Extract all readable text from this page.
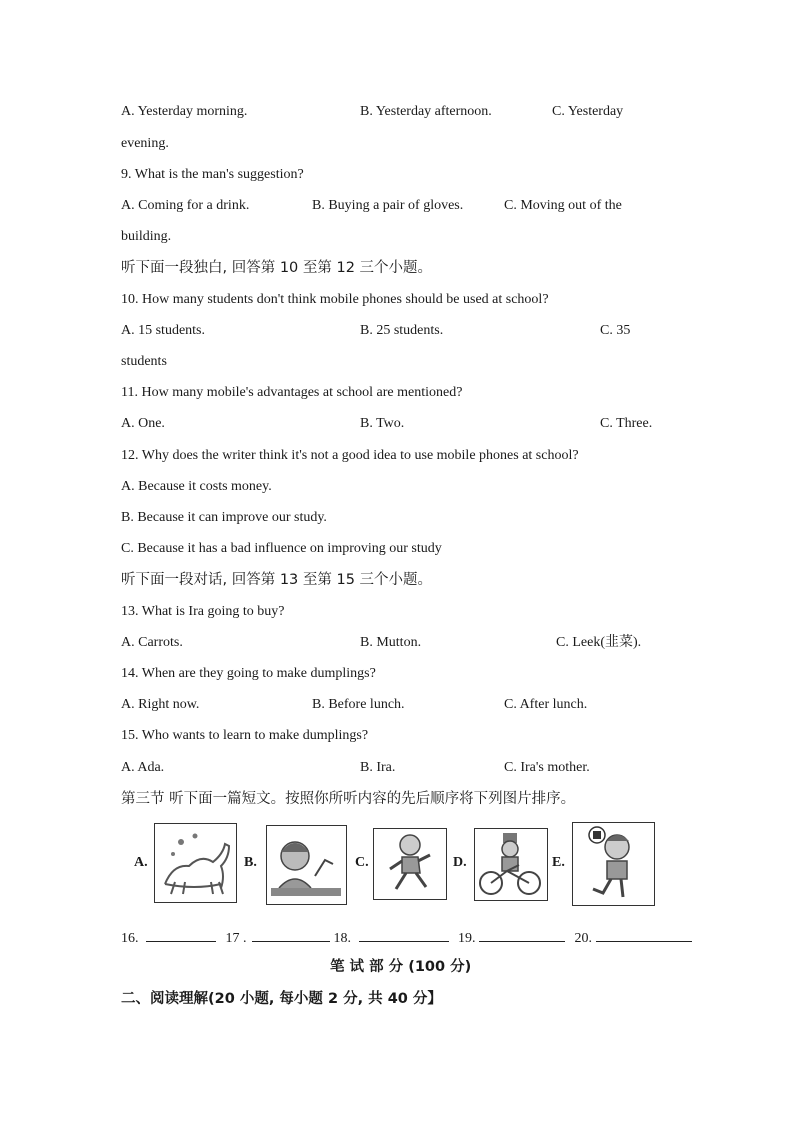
A. Yesterday morning.	B. Yesterday afternoon.	C. Yesterday
evening.
9. What is the man's suggestion?
A. Coming for a drink.	B. Buying a pair of gloves.	C. Moving out of the
building.
听下面一段独白, 回答第 10 至第 12 三个小题。
10. How many students don't think mobile phones should be used at school?
A. 15 students.	B. 25 students.	C. 35
students
11. How many mobile's advantages at school are mentioned?
A. One.	B. Two.	C. Three.
12. Why does the writer think it's not a good idea to use mobile phones at school?
A. Because it costs money.
B. Because it can improve our study.
C. Because it has a bad influence on improving our study
听下面一段对话, 回答第 13 至第 15 三个小题。
13. What is Ira going to buy?
A. Carrots.	B. Mutton.	C. Leek(韭菜).
14. When are they going to make dumplings?
A. Right now.	B. Before lunch.	C. After lunch.
15. Who wants to learn to make dumplings?
A. Ada.	B. Ira.	C. Ira's mother.
第三节 听下面一篇短文。按照你所听内容的先后顺序将下列图片排序。
A.	B.	C.	D.	E.
16.	17 .	18.	19.	20.
笔 试 部 分 (100 分)
二、阅读理解(20 小题, 每小题 2 分, 共 40 分】
